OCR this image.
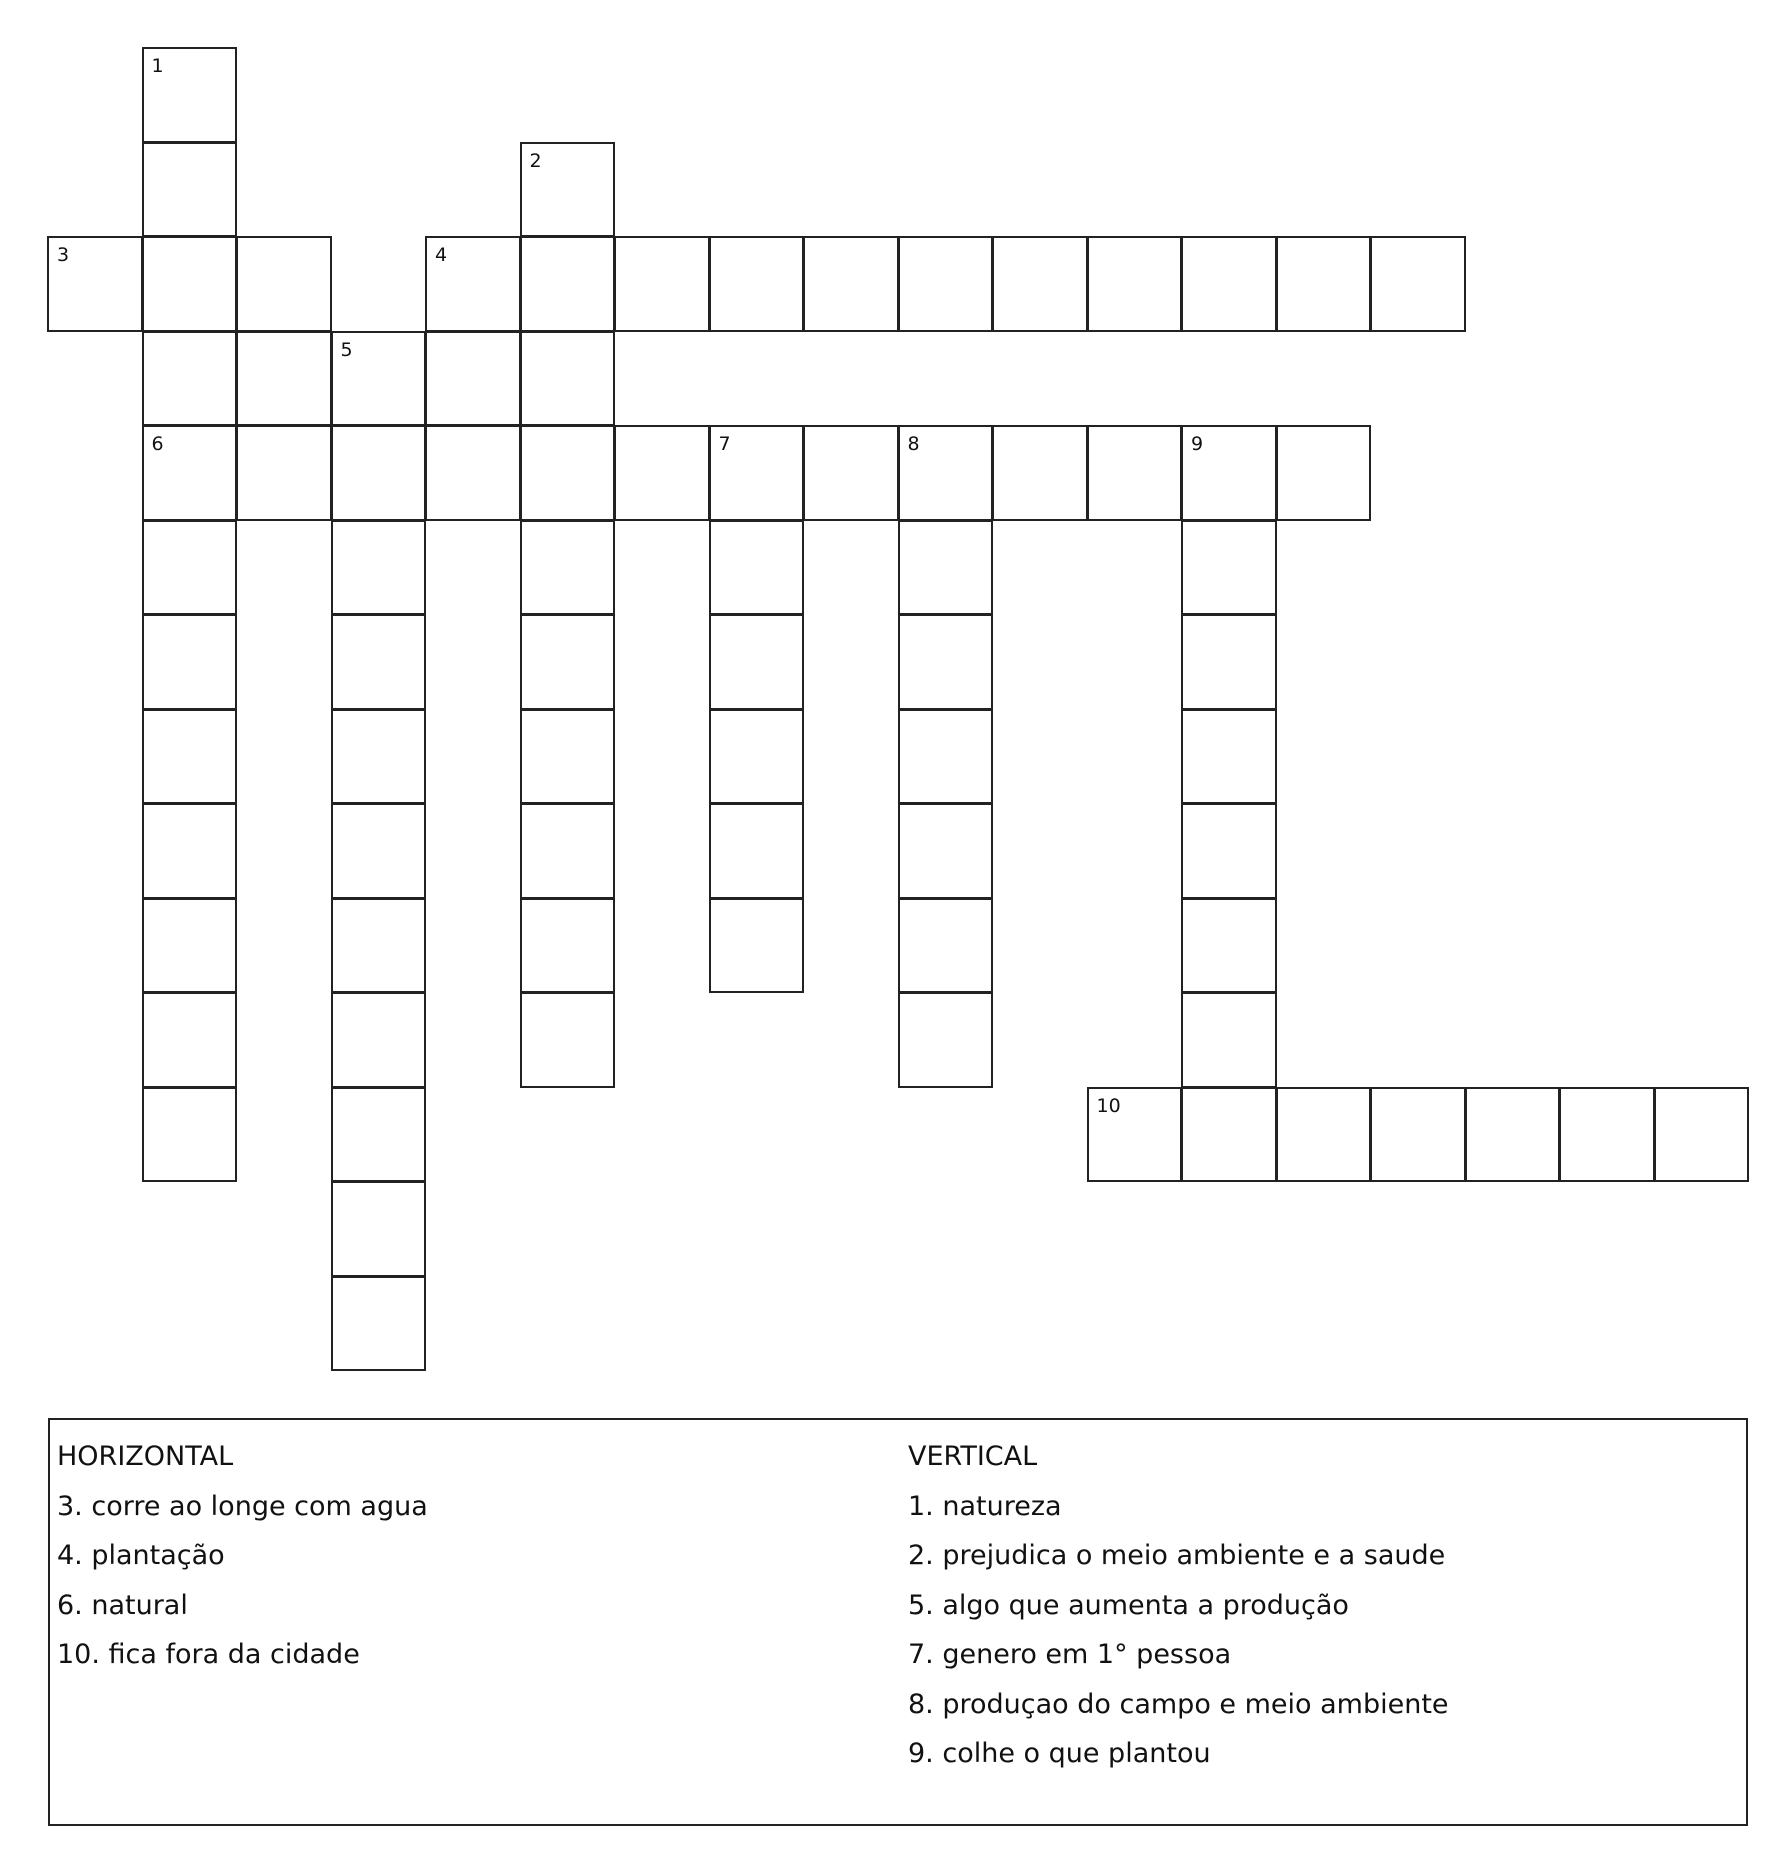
1
6
2
3	4
5
7	8	9
10
HORIZONTAL
3. corre ao longe com agua
4. plantação
6. natural
10. fica fora da cidade
VERTICAL
1. natureza
2. prejudica o meio ambiente e a saude
5. algo que aumenta a produção
7. genero em 1° pessoa
8. produçao do campo e meio ambiente
9. colhe o que plantou
